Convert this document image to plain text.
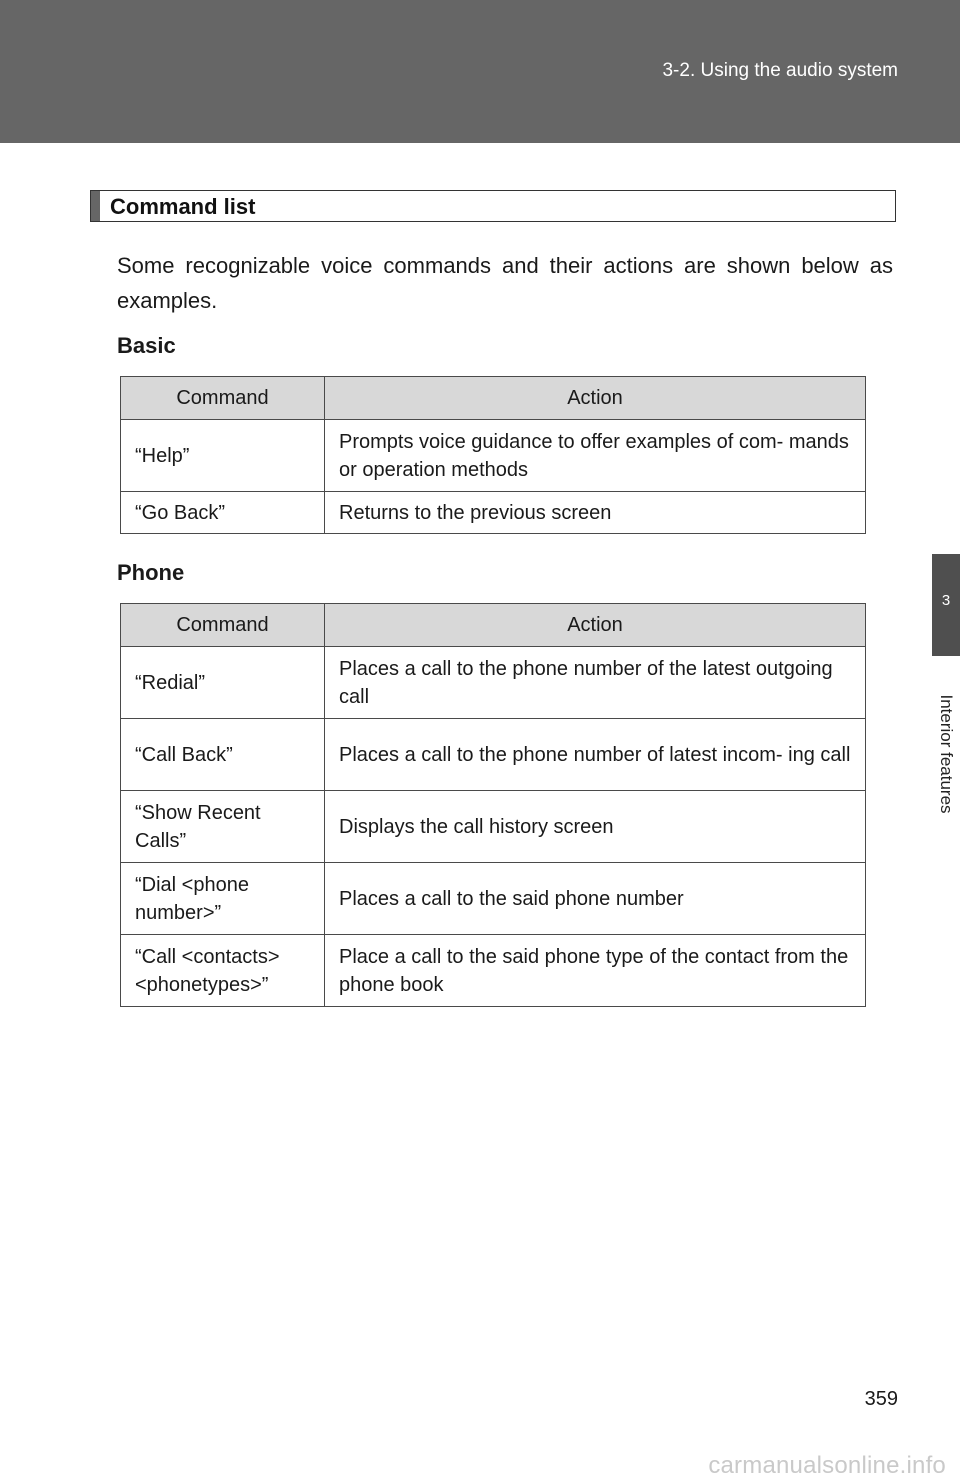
3-2. Using the audio system
3
Interior features
Command list
Some recognizable voice commands and their actions are shown below as examples.
Basic
Command	Action
“Help”	Prompts voice guidance to offer examples of com- mands or operation methods
“Go Back”	Returns to the previous screen
Phone
Command	Action
“Redial”	Places a call to the phone number of the latest outgoing call
“Call Back”	Places a call to the phone number of latest incom- ing call
“Show Recent Calls”	Displays the call history screen
“Dial <phone number>”	Places a call to the said phone number
“Call <contacts> <phonetypes>”	Place a call to the said phone type of the contact from the phone book
359
carmanualsonline.info
